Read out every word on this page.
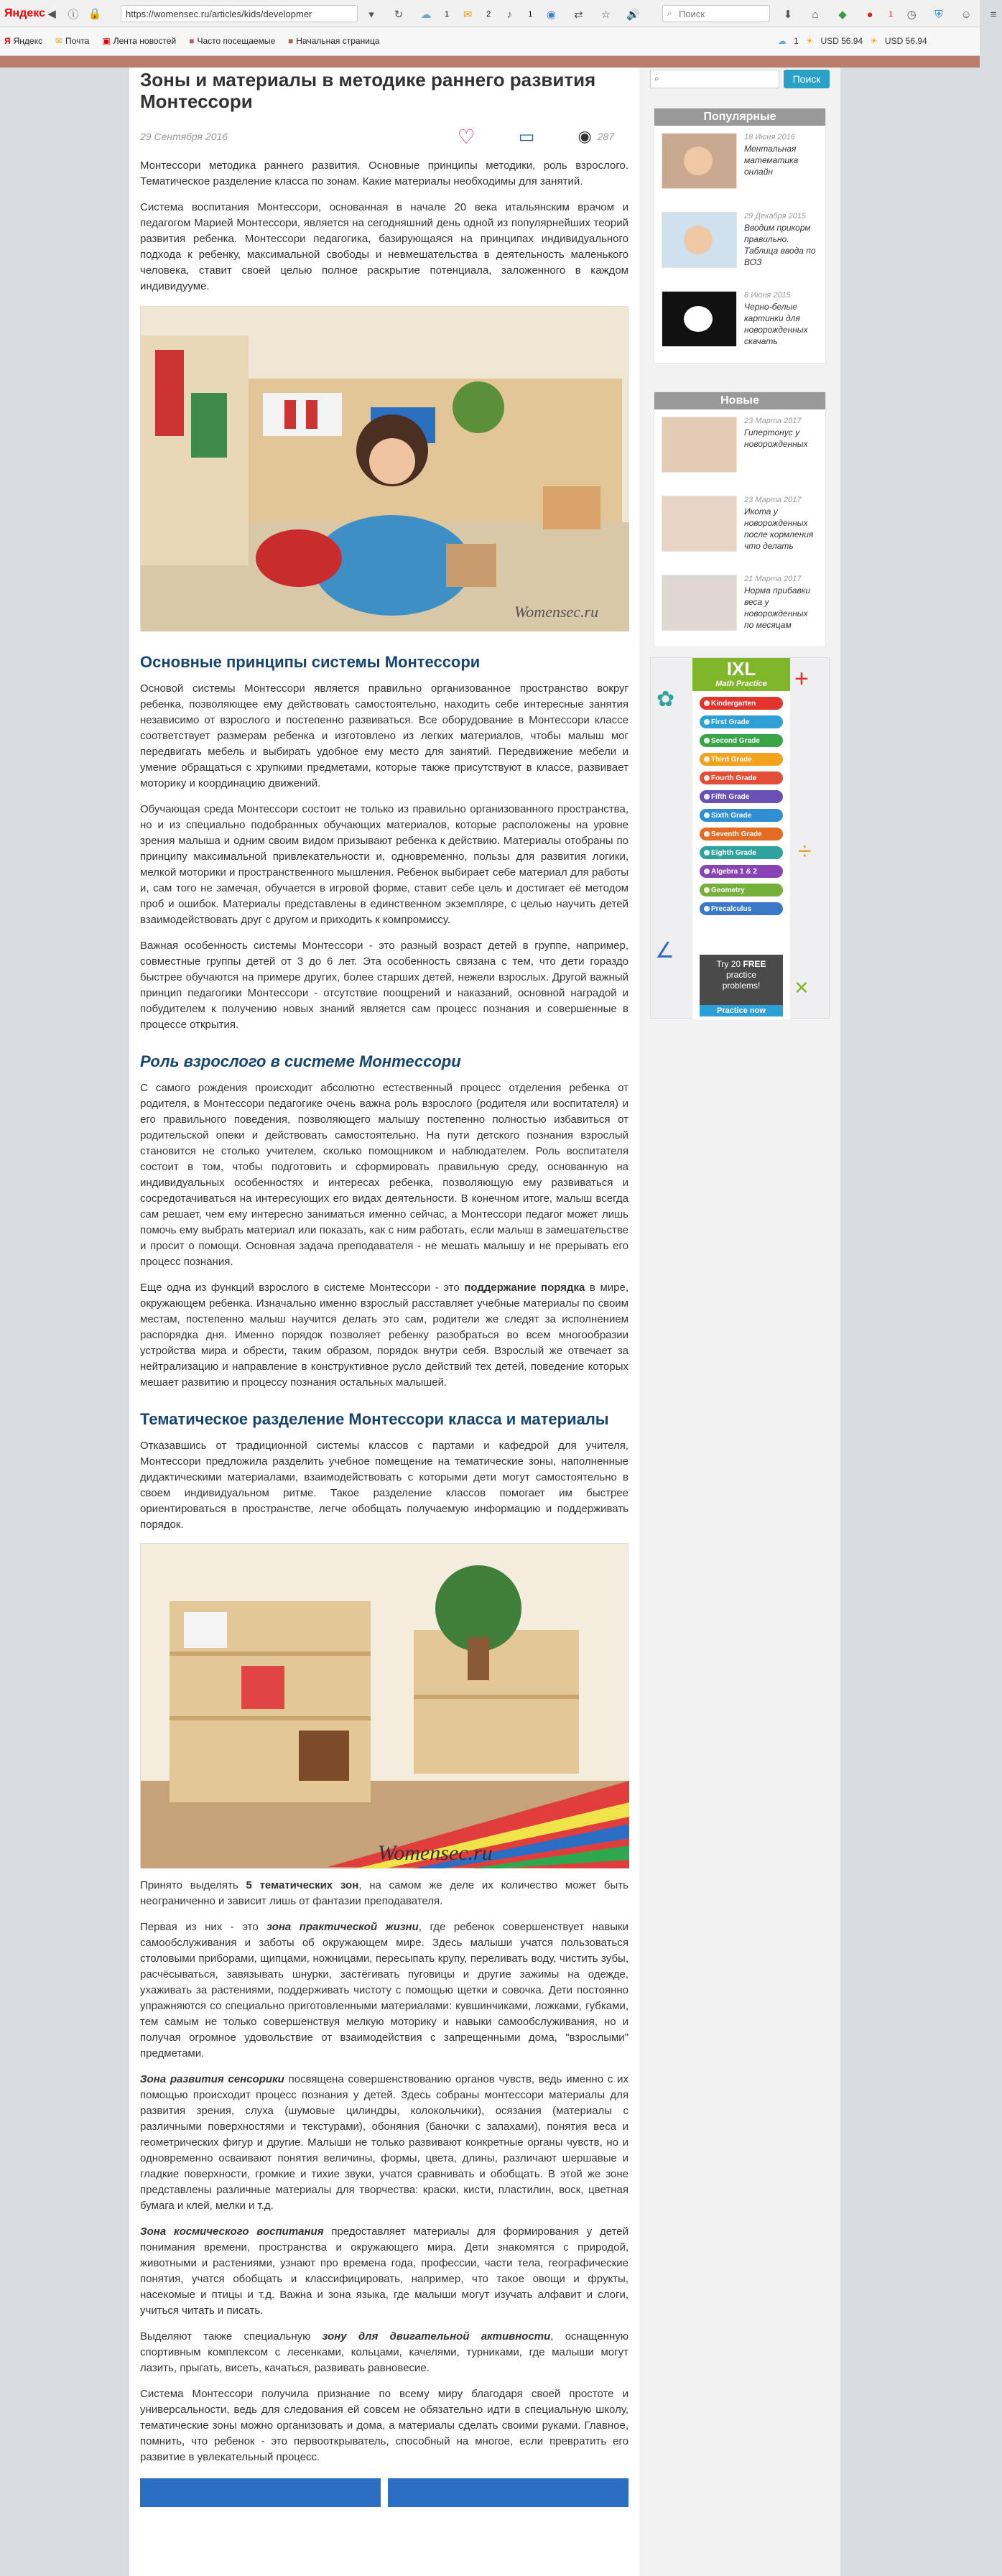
Яндекс ◀	ⓘ 🔒
https://womensec.ru/articles/kids/developmer	▾	↻	☁	1	✉	2	♪	1	◉	⇄	☆	🔊
Поиск	⌕	⬇	⌂	◆	●	1	◷	⛨	☺	≡
Я Яндекс ✉ Почта ▣ Лента новостей ■ Часто посещаемые ■ Начальная страница	☁ 1 ☀ USD 56.94 ☀ USD 56.94
Зоны и материалы в методике раннего развития Монтессори
29 Сентября 2016	♡	▭	◉ 287

Монтессори методика раннего развития. Основные принципы методики, роль взрослого. Тематическое разделение класса по зонам. Какие материалы необходимы для занятий.

Система воспитания Монтессори, основанная в начале 20 века итальянским врачом и педагогом Марией Монтессори, является на сегодняшний день одной из популярнейших теорий развития ребенка. Монтессори педагогика, базирующаяся на принципах индивидуального подхода к ребенку, максимальной свободы и невмешательства в деятельность маленького человека, ставит своей целью полное раскрытие потенциала, заложенного в каждом индивидууме.

Womensec.ru
Основные принципы системы Монтессори

Основой системы Монтессори является правильно организованное пространство вокруг ребенка, позволяющее ему действовать самостоятельно, находить себе интересные занятия независимо от взрослого и постепенно развиваться. Все оборудование в Монтессори классе соответствует размерам ребенка и изготовлено из легких материалов, чтобы малыш мог передвигать мебель и выбирать удобное ему место для занятий. Передвижение мебели и умение обращаться с хрупкими предметами, которые также присутствуют в классе, развивает моторику и координацию движений.

Обучающая среда Монтессори состоит не только из правильно организованного пространства, но и из специально подобранных обучающих материалов, которые расположены на уровне зрения малыша и одним своим видом призывают ребенка к действию. Материалы отобраны по принципу максимальной привлекательности и, одновременно, пользы для развития логики, мелкой моторики и пространственного мышления. Ребенок выбирает себе материал для работы и, сам того не замечая, обучается в игровой форме, ставит себе цель и достигает её методом проб и ошибок. Материалы представлены в единственном экземпляре, с целью научить детей взаимодействовать друг с другом и приходить к компромиссу.

Важная особенность системы Монтессори - это разный возраст детей в группе, например, совместные группы детей от 3 до 6 лет. Эта особенность связана с тем, что дети гораздо быстрее обучаются на примере других, более старших детей, нежели взрослых. Другой важный принцип педагогики Монтессори - отсутствие поощрений и наказаний, основной наградой и побудителем к получению новых знаний является сам процесс познания и совершенные в процессе открытия.

Роль взрослого в системе Монтессори

С самого рождения происходит абсолютно естественный процесс отделения ребенка от родителя, в Монтессори педагогике очень важна роль взрослого (родителя или воспитателя) и его правильного поведения, позволяющего малышу постепенно полностью избавиться от родительской опеки и действовать самостоятельно. На пути детского познания взрослый становится не столько учителем, сколько помощником и наблюдателем. Роль воспитателя состоит в том, чтобы подготовить и сформировать правильную среду, основанную на индивидуальных особенностях и интересах ребенка, позволяющую ему развиваться и сосредотачиваться на интересующих его видах деятельности. В конечном итоге, малыш всегда сам решает, чем ему интересно заниматься именно сейчас, а Монтессори педагог может лишь помочь ему выбрать материал или показать, как с ним работать, если малыш в замешательстве и просит о помощи. Основная задача преподавателя - не мешать малышу и не прерывать его процесс познания.

Еще одна из функций взрослого в системе Монтессори - это поддержание порядка в мире, окружающем ребенка. Изначально именно взрослый расставляет учебные материалы по своим местам, постепенно малыш научится делать это сам, родители же следят за исполнением распорядка дня. Именно порядок позволяет ребенку разобраться во всем многообразии устройства мира и обрести, таким образом, порядок внутри себя. Взрослый же отвечает за нейтрализацию и направление в конструктивное русло действий тех детей, поведение которых мешает развитию и процессу познания остальных малышей.

Тематическое разделение Монтессори класса и материалы

Отказавшись от традиционной системы классов с партами и кафедрой для учителя, Монтессори предложила разделить учебное помещение на тематические зоны, наполненные дидактическими материалами, взаимодействовать с которыми дети могут самостоятельно в своем индивидуальном ритме. Такое разделение классов помогает им быстрее ориентироваться в пространстве, легче обобщать получаемую информацию и поддерживать порядок.

Womensec.ru

Принято выделять 5 тематических зон, на самом же деле их количество может быть неограниченно и зависит лишь от фантазии преподавателя.

Первая из них - это зона практической жизни, где ребенок совершенствует навыки самообслуживания и заботы об окружающем мире. Здесь малыши учатся пользоваться столовыми приборами, щипцами, ножницами, пересыпать крупу, переливать воду, чистить зубы, расчёсываться, завязывать шнурки, застёгивать пуговицы и другие зажимы на одежде, ухаживать за растениями, поддерживать чистоту с помощью щетки и совочка. Дети постоянно упражняются со специально приготовленными материалами: кувшинчиками, ложками, губками, тем самым не только совершенствуя мелкую моторику и навыки самообслуживания, но и получая огромное удовольствие от взаимодействия с запрещенными дома, "взрослыми" предметами.

Зона развития сенсорики посвящена совершенствованию органов чувств, ведь именно с их помощью происходит процесс познания у детей. Здесь собраны монтессори материалы для развития зрения, слуха (шумовые цилиндры, колокольчики), осязания (материалы с различными поверхностями и текстурами), обоняния (баночки с запахами), понятия веса и геометрических фигур и другие. Малыши не только развивают конкретные органы чувств, но и одновременно осваивают понятия величины, формы, цвета, длины, различают шершавые и гладкие поверхности, громкие и тихие звуки, учатся сравнивать и обобщать. В этой же зоне представлены различные материалы для творчества: краски, кисти, пластилин, воск, цветная бумага и клей, мелки и т.д.

Зона космического воспитания предоставляет материалы для формирования у детей понимания времени, пространства и окружающего мира. Дети знакомятся с природой, животными и растениями, узнают про времена года, профессии, части тела, географические понятия, учатся обобщать и классифицировать, например, что такое овощи и фрукты, насекомые и птицы и т.д. Важна и зона языка, где малыши могут изучать алфавит и слоги, учиться читать и писать.

Выделяют также специальную зону для двигательной активности, оснащенную спортивным комплексом с лесенками, кольцами, качелями, турниками, где малыши могут лазить, прыгать, висеть, качаться, развивать равновесие.

Система Монтессори получила признание по всему миру благодаря своей простоте и универсальности, ведь для следования ей совсем не обязательно идти в специальную школу, тематические зоны можно организовать и дома, а материалы сделать своими руками. Главное, помнить, что ребенок - это первооткрыватель, способный на многое, если превратить его развитие в увлекательный процесс.

⌕	Поиск
Популярные
18 Июня 2016
Ментальная математика онлайн
29 Декабря 2015
Вводим прикорм правильно. Таблица ввода по ВОЗ
8 Июня 2015
Черно-белые картинки для новорожденных скачать
Новые
23 Марта 2017
Гипертонус у новорожденных
23 Марта 2017
Икота у новорожденных после кормления что делать
21 Марта 2017
Норма прибавки веса у новорожденных по месяцам
IXL
Math Practice
Kindergarten
First Grade
Second Grade
Third Grade
Fourth Grade
Fifth Grade
Sixth Grade
Seventh Grade
Eighth Grade
Algebra 1 & 2
Geometry
Precalculus
Try 20 FREE
practice
problems!
Practice now
+
÷
×
✿
∠
